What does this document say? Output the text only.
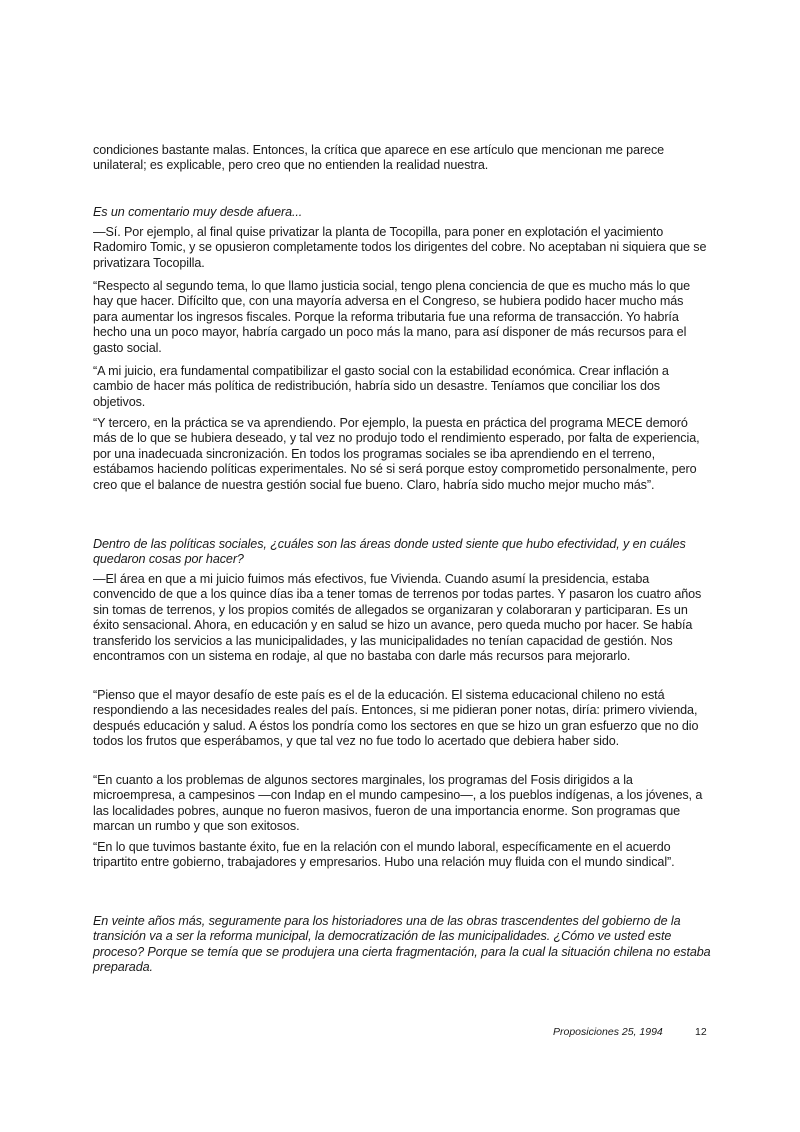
condiciones bastante malas. Entonces, la crítica que aparece en ese artículo que mencionan me parece unilateral; es explicable, pero creo que no entienden la realidad nuestra.

Es un comentario muy desde afuera...

—Sí. Por ejemplo, al final quise privatizar la planta de Tocopilla, para poner en explotación el yacimiento Radomiro Tomic, y se opusieron completamente todos los dirigentes del cobre. No aceptaban ni siquiera que se privatizara Tocopilla.

“Respecto al segundo tema, lo que llamo justicia social, tengo plena conciencia de que es mucho más lo que hay que hacer. Difícilto que, con una mayoría adversa en el Congreso, se hubiera podido hacer mucho más para aumentar los ingresos fiscales. Porque la reforma tributaria fue una reforma de transacción. Yo habría hecho una un poco mayor, habría cargado un poco más la mano, para así disponer de más recursos para el gasto social.

“A mi juicio, era fundamental compatibilizar el gasto social con la estabilidad económica. Crear inflación a cambio de hacer más política de redistribución, habría sido un desastre. Teníamos que conciliar los dos objetivos.

“Y tercero, en la práctica se va aprendiendo. Por ejemplo, la puesta en práctica del programa MECE demoró más de lo que se hubiera deseado, y tal vez no produjo todo el rendimiento esperado, por falta de experiencia, por una inadecuada sincronización. En todos los programas sociales se iba aprendiendo en el terreno, estábamos haciendo políticas experimentales. No sé si será porque estoy comprometido personalmente, pero creo que el balance de nuestra gestión social fue bueno. Claro, habría sido mucho mejor mucho más”.

Dentro de las políticas sociales, ¿cuáles son las áreas donde usted siente que hubo efectividad, y en cuáles quedaron cosas por hacer?

—El área en que a mi juicio fuimos más efectivos, fue Vivienda. Cuando asumí la presidencia, estaba convencido de que a los quince días iba a tener tomas de terrenos por todas partes. Y pasaron los cuatro años sin tomas de terrenos, y los propios comités de allegados se organizaran y colaboraran y participaran. Es un éxito sensacional. Ahora, en educación y en salud se hizo un avance, pero queda mucho por hacer. Se había transferido los servicios a las municipalidades, y las municipalidades no tenían capacidad de gestión. Nos encontramos con un sistema en rodaje, al que no bastaba con darle más recursos para mejorarlo.

“Pienso que el mayor desafío de este país es el de la educación. El sistema educacional chileno no está respondiendo a las necesidades reales del país. Entonces, si me pidieran poner notas, diría: primero vivienda, después educación y salud. A éstos los pondría como los sectores en que se hizo un gran esfuerzo que no dio todos los frutos que esperábamos, y que tal vez no fue todo lo acertado que debiera haber sido.

“En cuanto a los problemas de algunos sectores marginales, los programas del Fosis dirigidos a la microempresa, a campesinos —con Indap en el mundo campesino—, a los pueblos indígenas, a los jóvenes, a las localidades pobres, aunque no fueron masivos, fueron de una importancia enorme. Son programas que marcan un rumbo y que son exitosos.

“En lo que tuvimos bastante éxito, fue en la relación con el mundo laboral, específicamente en el acuerdo tripartito entre gobierno, trabajadores y empresarios. Hubo una relación muy fluida con el mundo sindical”.

En veinte años más, seguramente para los historiadores una de las obras trascendentes del gobierno de la transición va a ser la reforma municipal, la democratización de las municipalidades. ¿Cómo ve usted este proceso? Porque se temía que se produjera una cierta fragmentación, para la cual la situación chilena no estaba preparada.

Proposiciones 25, 1994	12
